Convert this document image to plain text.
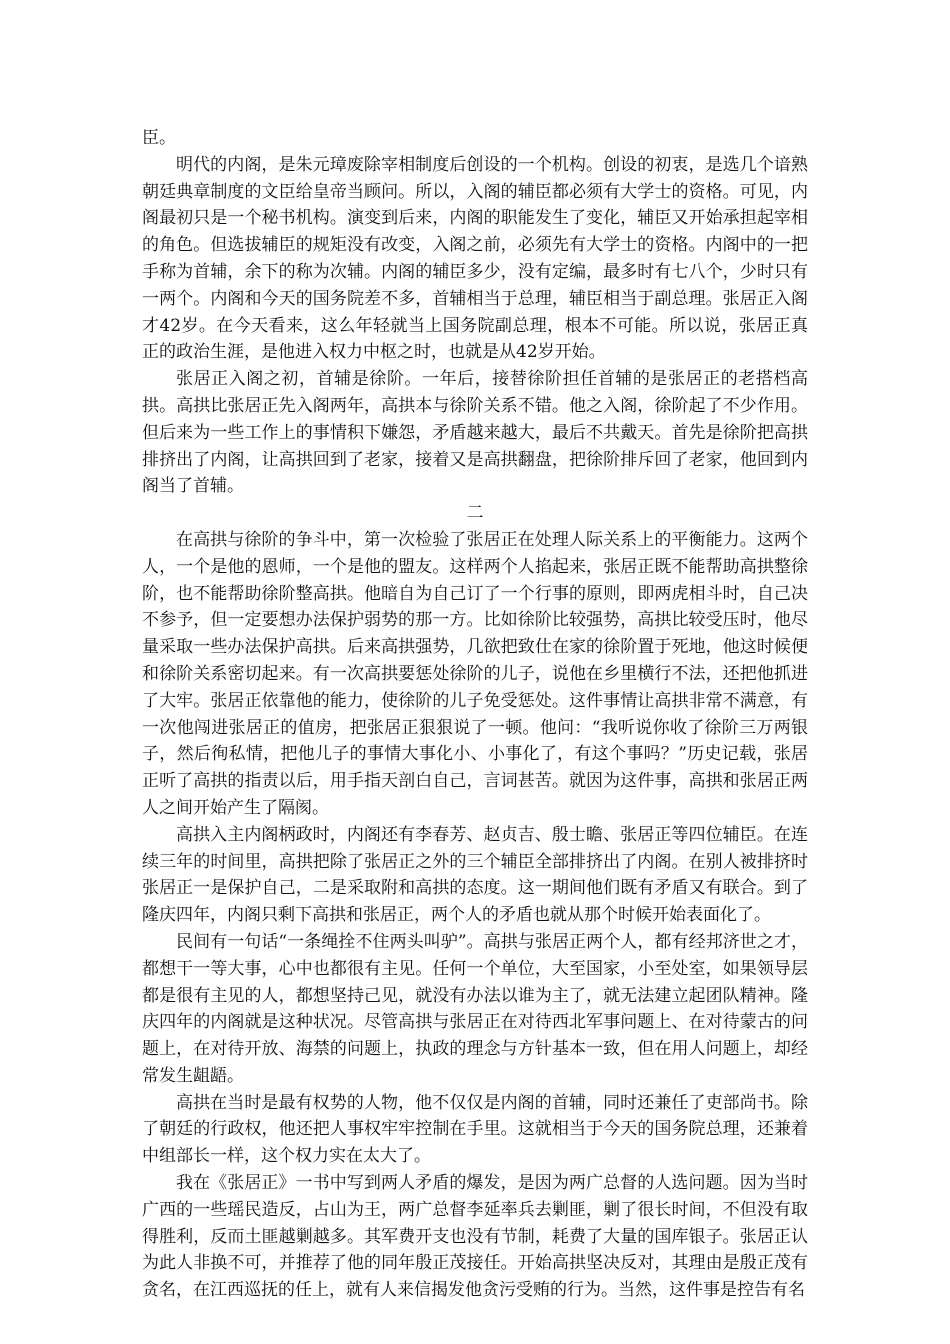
臣。

明代的内阁，是朱元璋废除宰相制度后创设的一个机构。创设的初衷，是选几个谙熟朝廷典章制度的文臣给皇帝当顾问。所以，入阁的辅臣都必须有大学士的资格。可见，内阁最初只是一个秘书机构。演变到后来，内阁的职能发生了变化，辅臣又开始承担起宰相的角色。但选拔辅臣的规矩没有改变，入阁之前，必须先有大学士的资格。内阁中的一把手称为首辅，余下的称为次辅。内阁的辅臣多少，没有定编，最多时有七八个，少时只有一两个。内阁和今天的国务院差不多，首辅相当于总理，辅臣相当于副总理。张居正入阁才42岁。在今天看来，这么年轻就当上国务院副总理，根本不可能。所以说，张居正真正的政治生涯，是他进入权力中枢之时，也就是从42岁开始。

张居正入阁之初，首辅是徐阶。一年后，接替徐阶担任首辅的是张居正的老搭档高拱。高拱比张居正先入阁两年，高拱本与徐阶关系不错。他之入阁，徐阶起了不少作用。但后来为一些工作上的事情积下嫌怨，矛盾越来越大，最后不共戴天。首先是徐阶把高拱排挤出了内阁，让高拱回到了老家，接着又是高拱翻盘，把徐阶排斥回了老家，他回到内阁当了首辅。

二

在高拱与徐阶的争斗中，第一次检验了张居正在处理人际关系上的平衡能力。这两个人，一个是他的恩师，一个是他的盟友。这样两个人掐起来，张居正既不能帮助高拱整徐阶，也不能帮助徐阶整高拱。他暗自为自己订了一个行事的原则，即两虎相斗时，自己决不参予，但一定要想办法保护弱势的那一方。比如徐阶比较强势，高拱比较受压时，他尽量采取一些办法保护高拱。后来高拱强势，几欲把致仕在家的徐阶置于死地，他这时候便和徐阶关系密切起来。有一次高拱要惩处徐阶的儿子，说他在乡里横行不法，还把他抓进了大牢。张居正依靠他的能力，使徐阶的儿子免受惩处。这件事情让高拱非常不满意，有一次他闯进张居正的值房，把张居正狠狠说了一顿。他问：“我听说你收了徐阶三万两银子，然后徇私情，把他儿子的事情大事化小、小事化了，有这个事吗？”历史记载，张居正听了高拱的指责以后，用手指天剖白自己，言词甚苦。就因为这件事，高拱和张居正两人之间开始产生了隔阂。

高拱入主内阁柄政时，内阁还有李春芳、赵贞吉、殷士瞻、张居正等四位辅臣。在连续三年的时间里，高拱把除了张居正之外的三个辅臣全部排挤出了内阁。在别人被排挤时张居正一是保护自己，二是采取附和高拱的态度。这一期间他们既有矛盾又有联合。到了隆庆四年，内阁只剩下高拱和张居正，两个人的矛盾也就从那个时候开始表面化了。

民间有一句话“一条绳拴不住两头叫驴”。高拱与张居正两个人，都有经邦济世之才，都想干一等大事，心中也都很有主见。任何一个单位，大至国家，小至处室，如果领导层都是很有主见的人，都想坚持己见，就没有办法以谁为主了，就无法建立起团队精神。隆庆四年的内阁就是这种状况。尽管高拱与张居正在对待西北军事问题上、在对待蒙古的问题上，在对待开放、海禁的问题上，执政的理念与方针基本一致，但在用人问题上，却经常发生龃龉。

高拱在当时是最有权势的人物，他不仅仅是内阁的首辅，同时还兼任了吏部尚书。除了朝廷的行政权，他还把人事权牢牢控制在手里。这就相当于今天的国务院总理，还兼着中组部长一样，这个权力实在太大了。

我在《张居正》一书中写到两人矛盾的爆发，是因为两广总督的人选问题。因为当时广西的一些瑶民造反，占山为王，两广总督李延率兵去剿匪，剿了很长时间，不但没有取得胜利，反而土匪越剿越多。其军费开支也没有节制，耗费了大量的国库银子。张居正认为此人非换不可，并推荐了他的同年殷正茂接任。开始高拱坚决反对，其理由是殷正茂有贪名，在江西巡抚的任上，就有人来信揭发他贪污受贿的行为。当然，这件事是控告有名
